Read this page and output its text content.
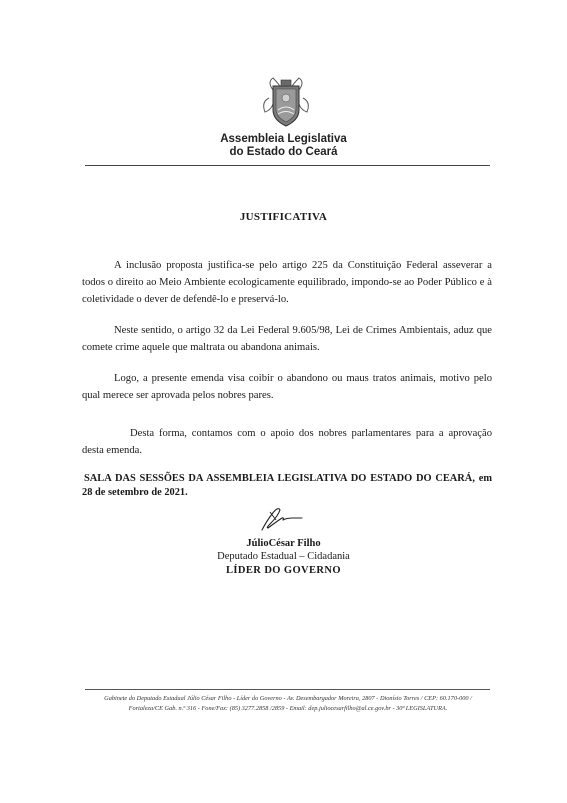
Assembleia Legislativa
do Estado do Ceará
JUSTIFICATIVA

A inclusão proposta justifica-se pelo artigo 225 da Constituição Federal asseverar a todos o direito ao Meio Ambiente ecologicamente equilibrado, impondo-se ao Poder Público e à coletividade o dever de defendê-lo e preservá-lo.

Neste sentido, o artigo 32 da Lei Federal 9.605/98, Lei de Crimes Ambientais, aduz que comete crime aquele que maltrata ou abandona animais.

Logo, a presente emenda visa coibir o abandono ou maus tratos animais, motivo pelo qual merece ser aprovada pelos nobres pares.

Desta forma, contamos com o apoio dos nobres parlamentares para a aprovação desta emenda.

SALA DAS SESSÕES DA ASSEMBLEIA LEGISLATIVA DO ESTADO DO CEARÁ, em 28 de setembro de 2021.

JúlioCésar Filho
Deputado Estadual – Cidadania
LÍDER DO GOVERNO
Gabinete do Deputado Estadual Júlio César Filho - Líder do Governo - Av. Desembargador Moreira, 2807 - Dionísio Torres / CEP: 60.170-000 /
Fortaleza/CE Gab. n.º 316 - Fone/Fax: (85) 3277.2858 /2859 - Email: dep.juliocesarfilho@al.ce.gov.br - 30ª LEGISLATURA.
